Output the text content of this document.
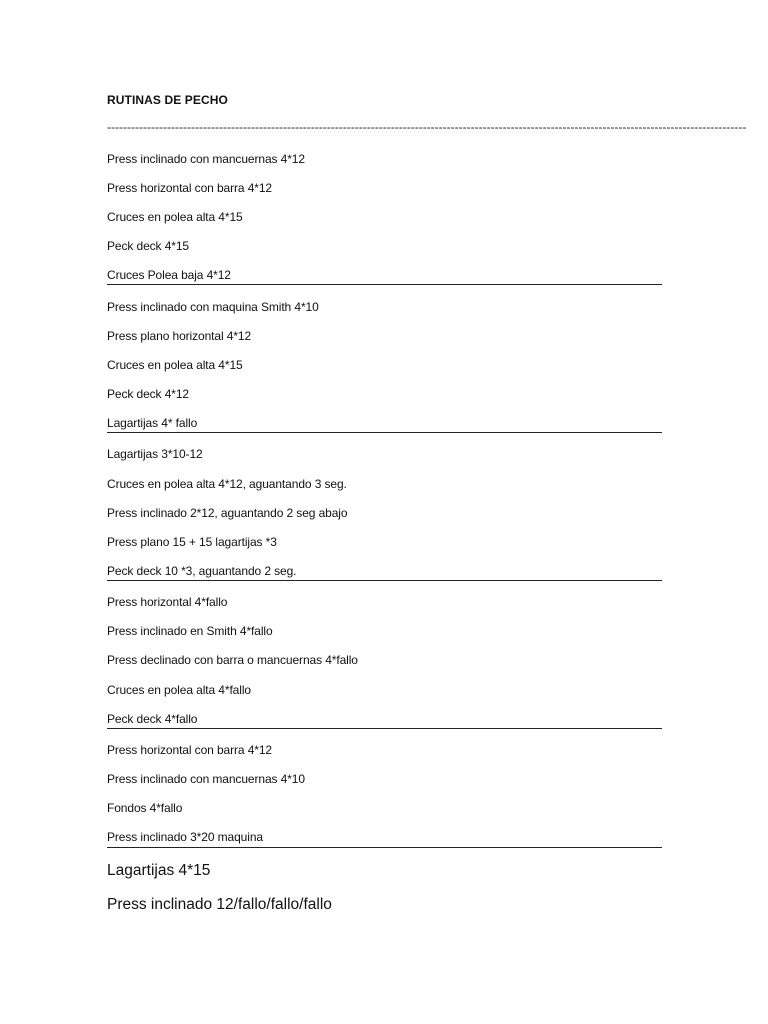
RUTINAS DE PECHO
----------------------------------------------------------------------------------------------------------------------------------------------------------------
Press inclinado con mancuernas 4*12
Press horizontal con barra 4*12
Cruces en polea alta 4*15
Peck deck 4*15
Cruces Polea baja 4*12
Press inclinado con maquina Smith 4*10
Press plano horizontal 4*12
Cruces en polea alta 4*15
Peck deck 4*12
Lagartijas 4* fallo
Lagartijas 3*10-12
Cruces en polea alta 4*12, aguantando 3 seg.
Press inclinado 2*12, aguantando 2 seg abajo
Press plano 15 + 15 lagartijas *3
Peck deck 10 *3, aguantando 2 seg.
Press horizontal 4*fallo
Press inclinado en Smith 4*fallo
Press declinado con barra o mancuernas 4*fallo
Cruces en polea alta 4*fallo
Peck deck 4*fallo
Press horizontal con barra 4*12
Press inclinado con mancuernas 4*10
Fondos 4*fallo
Press inclinado 3*20 maquina
Lagartijas 4*15
Press inclinado 12/fallo/fallo/fallo
